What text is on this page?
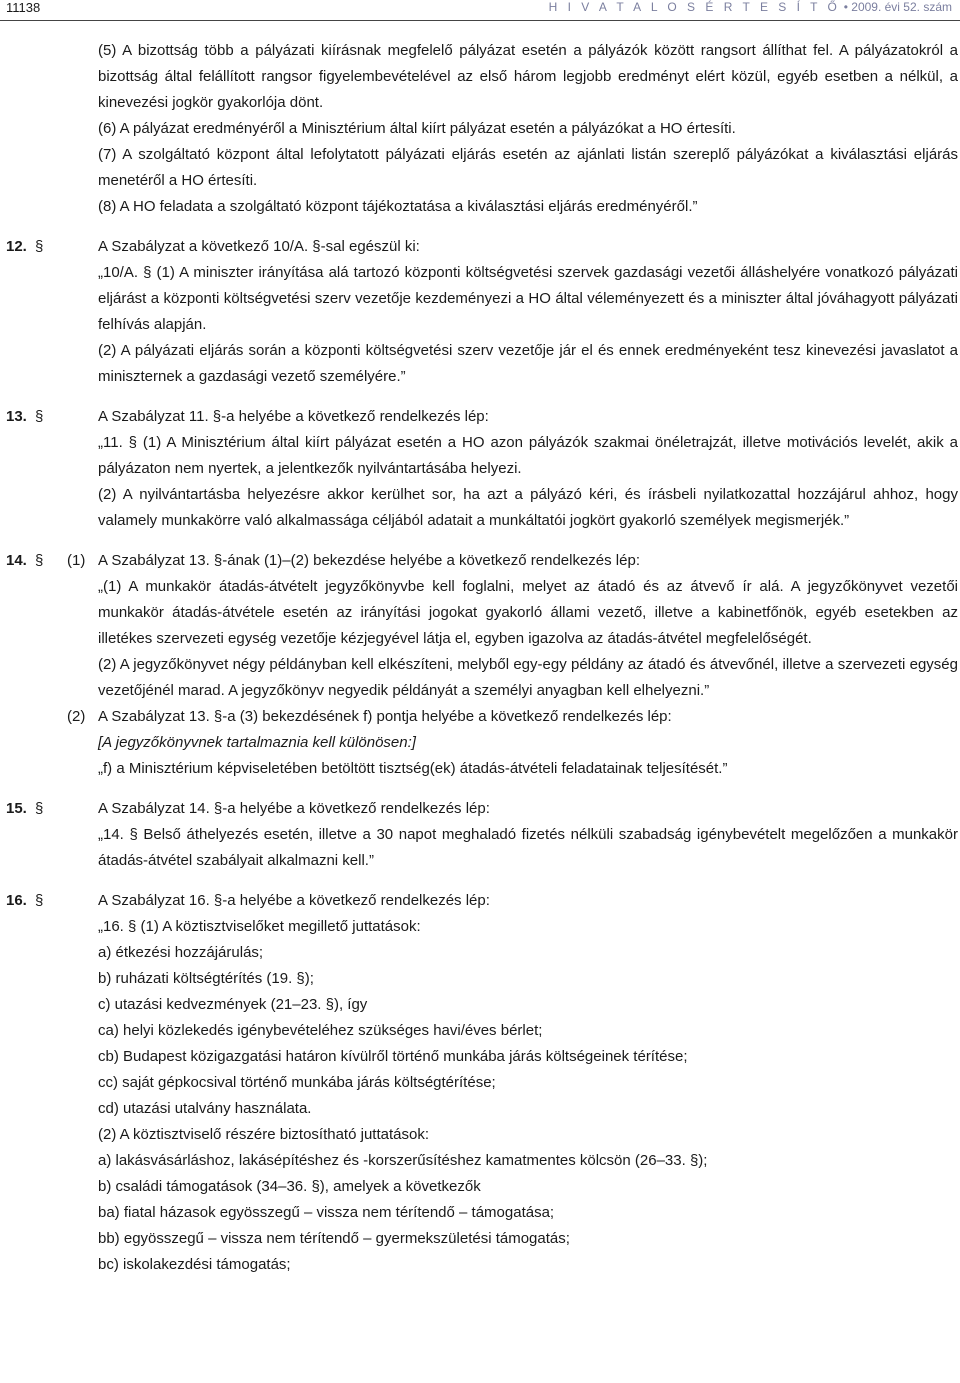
11138	H I V A T A L O S É R T E S Í T Ő • 2009. évi 52. szám

(5) A bizottság több a pályázati kiírásnak megfelelő pályázat esetén a pályázók között rangsort állíthat fel. A pályázatokról a bizottság által felállított rangsor figyelembevételével az első három legjobb eredményt elért közül, egyéb esetben a nélkül, a kinevezési jogkör gyakorlója dönt.

(6) A pályázat eredményéről a Minisztérium által kiírt pályázat esetén a pályázókat a HO értesíti.

(7) A szolgáltató központ által lefolytatott pályázati eljárás esetén az ajánlati listán szereplő pályázókat a kiválasztási eljárás menetéről a HO értesíti.

(8) A HO feladata a szolgáltató központ tájékoztatása a kiválasztási eljárás eredményéről.”

12. §	A Szabályzat a következő 10/A. §-sal egészül ki:

„10/A. § (1) A miniszter irányítása alá tartozó központi költségvetési szervek gazdasági vezetői álláshelyére vonatkozó pályázati eljárást a központi költségvetési szerv vezetője kezdeményezi a HO által véleményezett és a miniszter által jóváhagyott pályázati felhívás alapján.

(2) A pályázati eljárás során a központi költségvetési szerv vezetője jár el és ennek eredményeként tesz kinevezési javaslatot a miniszternek a gazdasági vezető személyére.”

13. §	A Szabályzat 11. §-a helyébe a következő rendelkezés lép:

„11. § (1) A Minisztérium által kiírt pályázat esetén a HO azon pályázók szakmai önéletrajzát, illetve motivációs levelét, akik a pályázaton nem nyertek, a jelentkezők nyilvántartásába helyezi.

(2) A nyilvántartásba helyezésre akkor kerülhet sor, ha azt a pályázó kéri, és írásbeli nyilatkozattal hozzájárul ahhoz, hogy valamely munkakörre való alkalmassága céljából adatait a munkáltatói jogkört gyakorló személyek megismerjék.”

14. § (1) A Szabályzat 13. §-ának (1)–(2) bekezdése helyébe a következő rendelkezés lép:

„(1) A munkakör átadás-átvételt jegyzőkönyvbe kell foglalni, melyet az átadó és az átvevő ír alá. A jegyzőkönyvet vezetői munkakör átadás-átvétele esetén az irányítási jogokat gyakorló állami vezető, illetve a kabinetfőnök, egyéb esetekben az illetékes szervezeti egység vezetője kézjegyével látja el, egyben igazolva az átadás-átvétel megfelelőségét.

(2) A jegyzőkönyvet négy példányban kell elkészíteni, melyből egy-egy példány az átadó és átvevőnél, illetve a szervezeti egység vezetőjénél marad. A jegyzőkönyv negyedik példányát a személyi anyagban kell elhelyezni.”

(2) A Szabályzat 13. §-a (3) bekezdésének f) pontja helyébe a következő rendelkezés lép:

[A jegyzőkönyvnek tartalmaznia kell különösen:]

„f) a Minisztérium képviseletében betöltött tisztség(ek) átadás-átvételi feladatainak teljesítését.”

15. §	A Szabályzat 14. §-a helyébe a következő rendelkezés lép:

„14. § Belső áthelyezés esetén, illetve a 30 napot meghaladó fizetés nélküli szabadság igénybevételt megelőzően a munkakör átadás-átvétel szabályait alkalmazni kell.”

16. §	A Szabályzat 16. §-a helyébe a következő rendelkezés lép:

„16. § (1) A köztisztviselőket megillető juttatások:

a) étkezési hozzájárulás;

b) ruházati költségtérítés (19. §);

c) utazási kedvezmények (21–23. §), így

ca) helyi közlekedés igénybevételéhez szükséges havi/éves bérlet;

cb) Budapest közigazgatási határon kívülről történő munkába járás költségeinek térítése;

cc) saját gépkocsival történő munkába járás költségtérítése;

cd) utazási utalvány használata.

(2) A köztisztviselő részére biztosítható juttatások:

a) lakásvásárláshoz, lakásépítéshez és -korszerűsítéshez kamatmentes kölcsön (26–33. §);

b) családi támogatások (34–36. §), amelyek a következők

ba) fiatal házasok egyösszegű – vissza nem térítendő – támogatása;

bb) egyösszegű – vissza nem térítendő – gyermekszületési támogatás;

bc) iskolakezdési támogatás;
